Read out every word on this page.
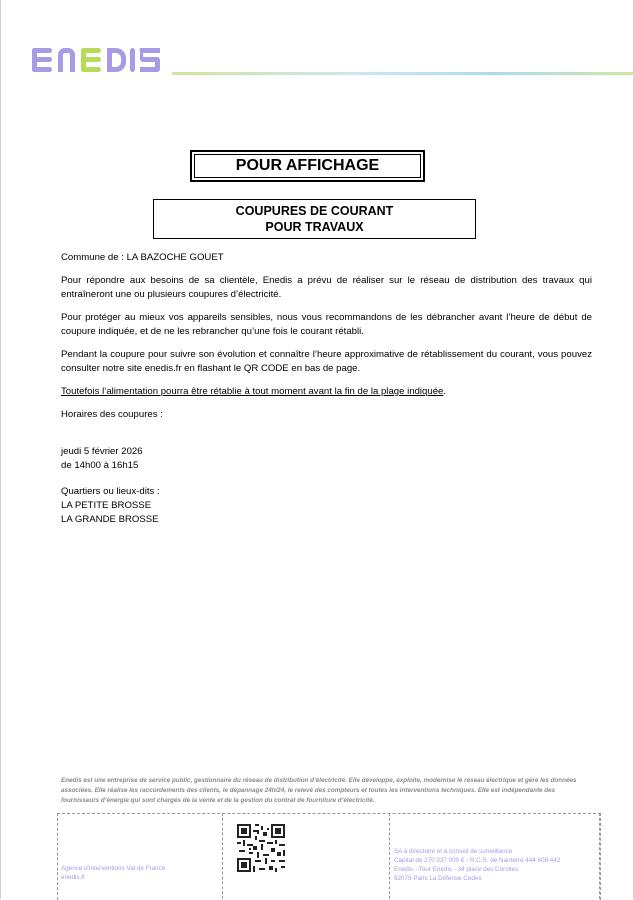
POUR AFFICHAGE
COUPURES DE COURANT
POUR TRAVAUX

Commune de : LA BAZOCHE GOUET

Pour répondre aux besoins de sa clientèle, Enedis a prévu de réaliser sur le réseau de distribution des travaux qui entraîneront une ou plusieurs coupures d’électricité.

Pour protéger au mieux vos appareils sensibles, nous vous recommandons de les débrancher avant l’heure de début de coupure indiquée, et de ne les rebrancher qu’une fois le courant rétabli.

Pendant la coupure pour suivre son évolution et connaître l’heure approximative de rétablissement du courant, vous pouvez consulter notre site enedis.fr en flashant le QR CODE en bas de page.

Toutefois l’alimentation pourra être rétablie à tout moment avant la fin de la plage indiquée.

Horaires des coupures :

jeudi 5 février 2026
de 14h00 à 16h15
Quartiers ou lieux-dits :
LA PETITE BROSSE
LA GRANDE BROSSE
Enedis est une entreprise de service public, gestionnaire du réseau de distribution d’électricité. Elle développe, exploite, modernise le réseau électrique et gère les données associées. Elle réalise les raccordements des clients, le dépannage 24h/24, le relevé des compteurs et toutes les interventions techniques. Elle est indépendante des fournisseurs d’énergie qui sont chargés de la vente et de la gestion du contrat de fourniture d’électricité.
Agence d’interventions Val de France
enedis.fr
SA à directoire et à conseil de surveillance
Capital de 270 037 000 € - R.C.S. de Nanterre 444 608 442
Enedis - Tour Enedis - 34 place des Corolles
92079 Paris La Défense Cedex
